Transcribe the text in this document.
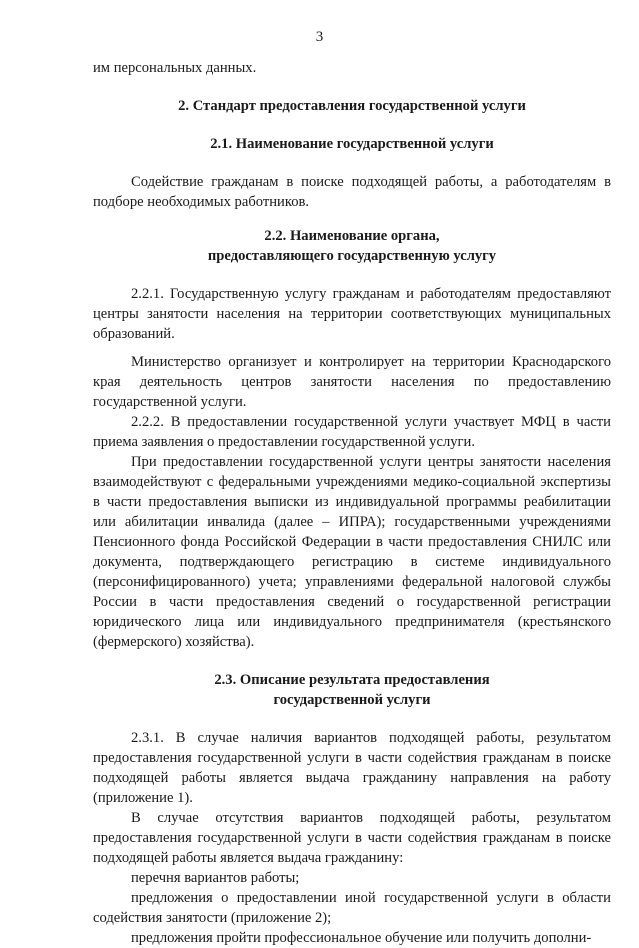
3

им персональных данных.

2. Стандарт предоставления государственной услуги
2.1. Наименование государственной услуги

Содействие гражданам в поиске подходящей работы, а работодателям в подборе необходимых работников.

2.2. Наименование органа,
предоставляющего государственную услугу

2.2.1. Государственную услугу гражданам и работодателям предоставляют центры занятости населения на территории соответствующих муниципальных образований.

Министерство организует и контролирует на территории Краснодарского края деятельность центров занятости населения по предоставлению государственной услуги.

2.2.2. В предоставлении государственной услуги участвует МФЦ в части приема заявления о предоставлении государственной услуги.

При предоставлении государственной услуги центры занятости населения взаимодействуют с федеральными учреждениями медико-социальной экспертизы в части предоставления выписки из индивидуальной программы реабилитации или абилитации инвалида (далее – ИПРА); государственными учреждениями Пенсионного фонда Российской Федерации в части предоставления СНИЛС или документа, подтверждающего регистрацию в системе индивидуального (персонифицированного) учета; управлениями федеральной налоговой службы России в части предоставления сведений о государственной регистрации юридического лица или индивидуального предпринимателя (крестьянского (фермерского) хозяйства).

2.3. Описание результата предоставления
государственной услуги

2.3.1. В случае наличия вариантов подходящей работы, результатом предоставления государственной услуги в части содействия гражданам в поиске подходящей работы является выдача гражданину направления на работу (приложение 1).

В случае отсутствия вариантов подходящей работы, результатом предоставления государственной услуги в части содействия гражданам в поиске подходящей работы является выдача гражданину:

перечня вариантов работы;

предложения о предоставлении иной государственной услуги в области содействия занятости (приложение 2);

предложения пройти профессиональное обучение или получить дополни-
